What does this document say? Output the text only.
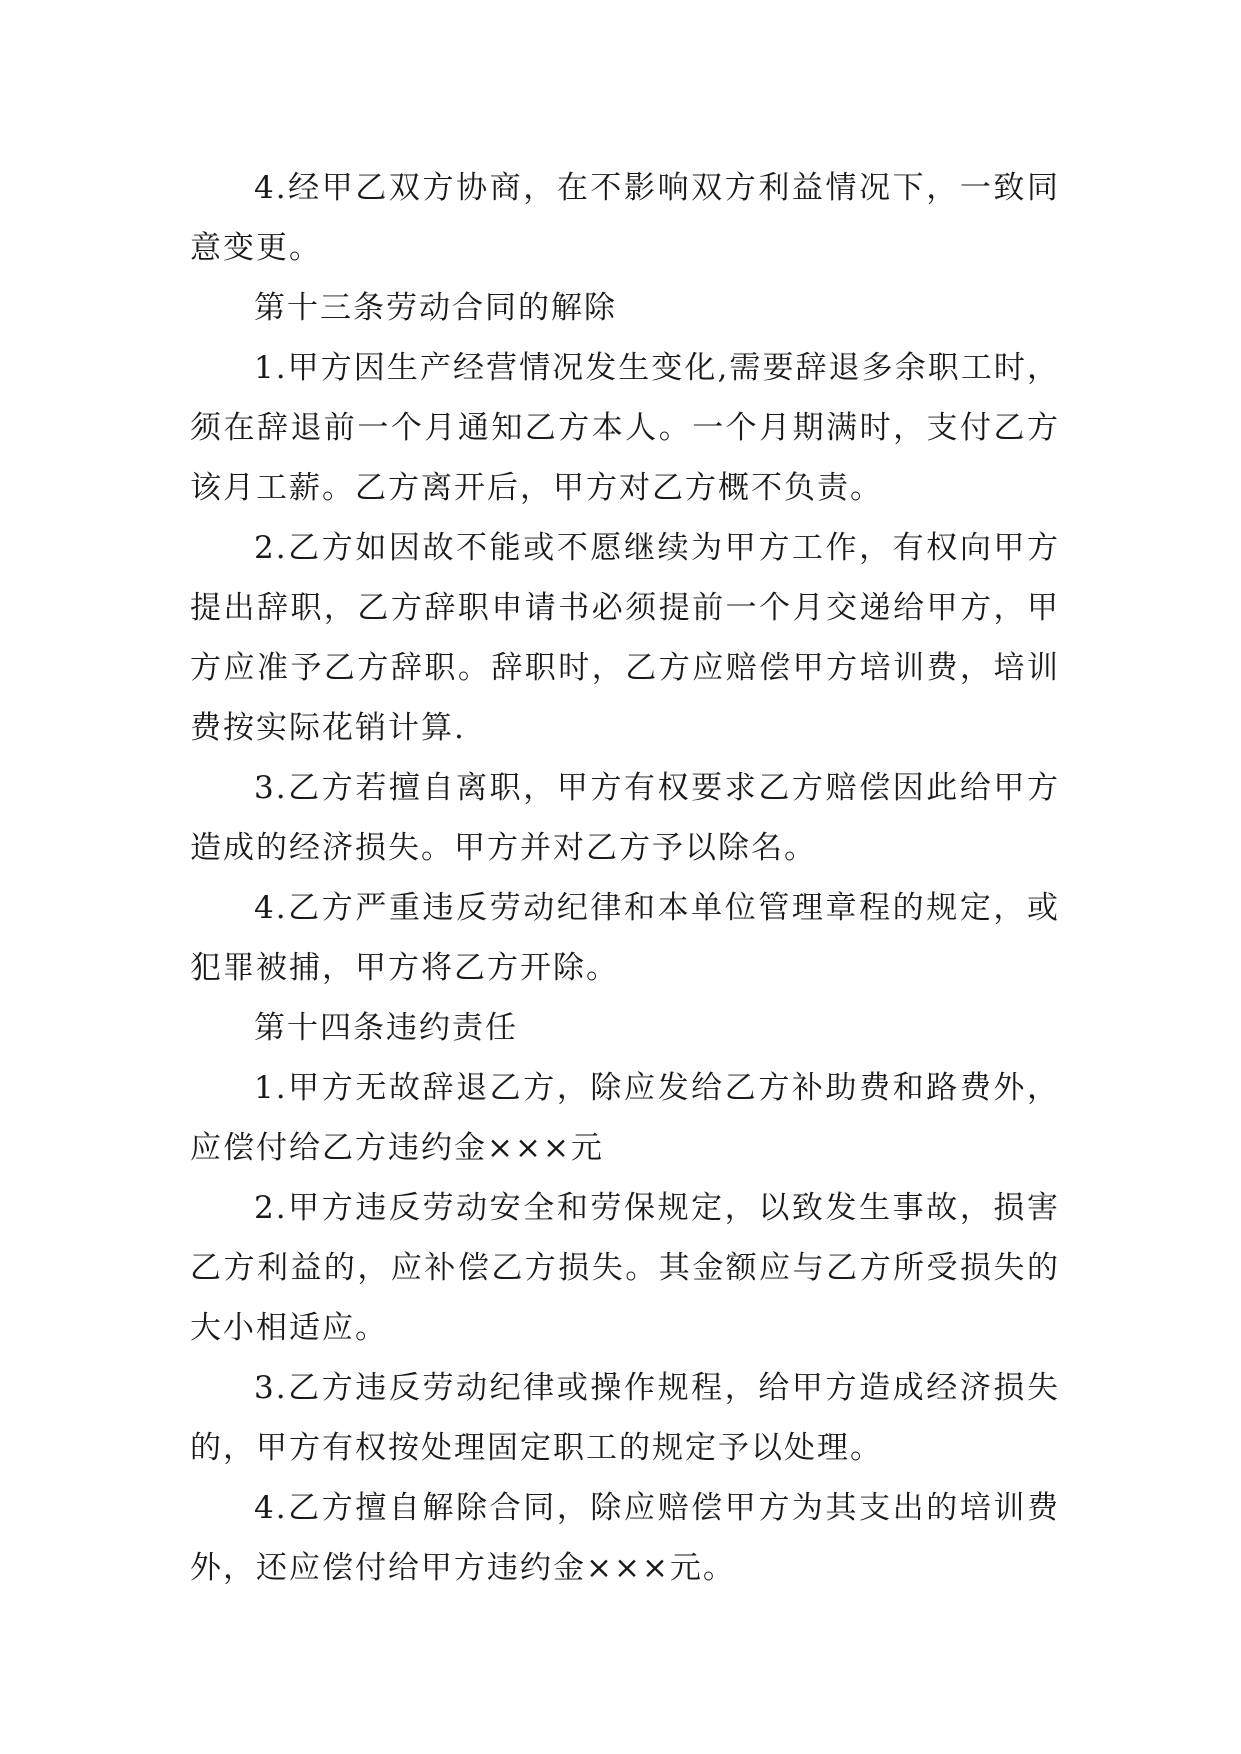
4.经甲乙双方协商，在不影响双方利益情况下，一致同意变更。

第十三条劳动合同的解除

1.甲方因生产经营情况发生变化,需要辞退多余职工时，须在辞退前一个月通知乙方本人。一个月期满时，支付乙方该月工薪。乙方离开后，甲方对乙方概不负责。

2.乙方如因故不能或不愿继续为甲方工作，有权向甲方提出辞职，乙方辞职申请书必须提前一个月交递给甲方，甲方应准予乙方辞职。辞职时，乙方应赔偿甲方培训费，培训费按实际花销计算.

3.乙方若擅自离职，甲方有权要求乙方赔偿因此给甲方造成的经济损失。甲方并对乙方予以除名。

4.乙方严重违反劳动纪律和本单位管理章程的规定，或犯罪被捕，甲方将乙方开除。

第十四条违约责任

1.甲方无故辞退乙方，除应发给乙方补助费和路费外，应偿付给乙方违约金×××元

2.甲方违反劳动安全和劳保规定，以致发生事故，损害乙方利益的，应补偿乙方损失。其金额应与乙方所受损失的大小相适应。

3.乙方违反劳动纪律或操作规程，给甲方造成经济损失的，甲方有权按处理固定职工的规定予以处理。

4.乙方擅自解除合同，除应赔偿甲方为其支出的培训费外，还应偿付给甲方违约金×××元。
